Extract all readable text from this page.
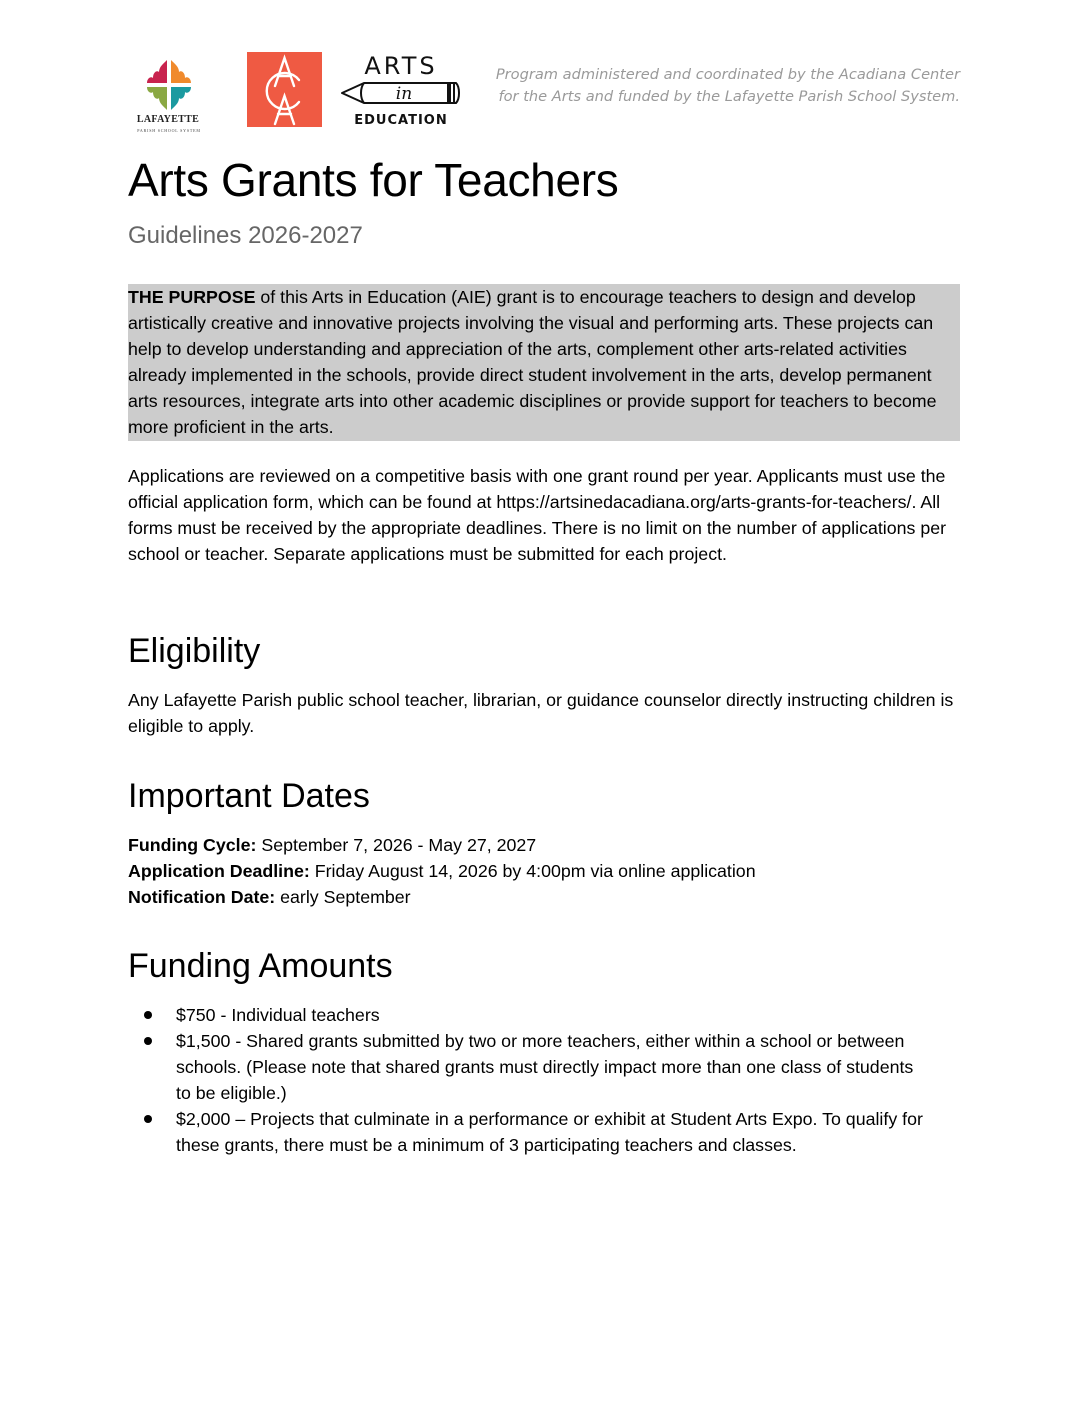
LAFAYETTE
PARISH SCHOOL SYSTEM
ARTS
in
EDUCATION
Program administered and coordinated by the Acadiana Center
for the Arts and funded by the Lafayette Parish School System.
Arts Grants for Teachers
Guidelines 2026-2027

THE PURPOSE of this Arts in Education (AIE) grant is to encourage teachers to design and develop artistically creative and innovative projects involving the visual and performing arts. These projects can help to develop understanding and appreciation of the arts, complement other arts-related activities already implemented in the schools, provide direct student involvement in the arts, develop permanent arts resources, integrate arts into other academic disciplines or provide support for teachers to become more proficient in the arts.

Applications are reviewed on a competitive basis with one grant round per year. Applicants must use the official application form, which can be found at https://artsinedacadiana.org/arts-grants-for-teachers/. All forms must be received by the appropriate deadlines. There is no limit on the number of applications per school or teacher. Separate applications must be submitted for each project.

Eligibility

Any Lafayette Parish public school teacher, librarian, or guidance counselor directly instructing children is eligible to apply.

Important Dates
Funding Cycle: September 7, 2026 - May 27, 2027
Application Deadline: Friday August 14, 2026 by 4:00pm via online application
Notification Date: early September
Funding Amounts
$750 - Individual teachers
$1,500 - Shared grants submitted by two or more teachers, either within a school or between schools. (Please note that shared grants must directly impact more than one class of students to be eligible.)
$2,000 – Projects that culminate in a performance or exhibit at Student Arts Expo. To qualify for these grants, there must be a minimum of 3 participating teachers and classes.
